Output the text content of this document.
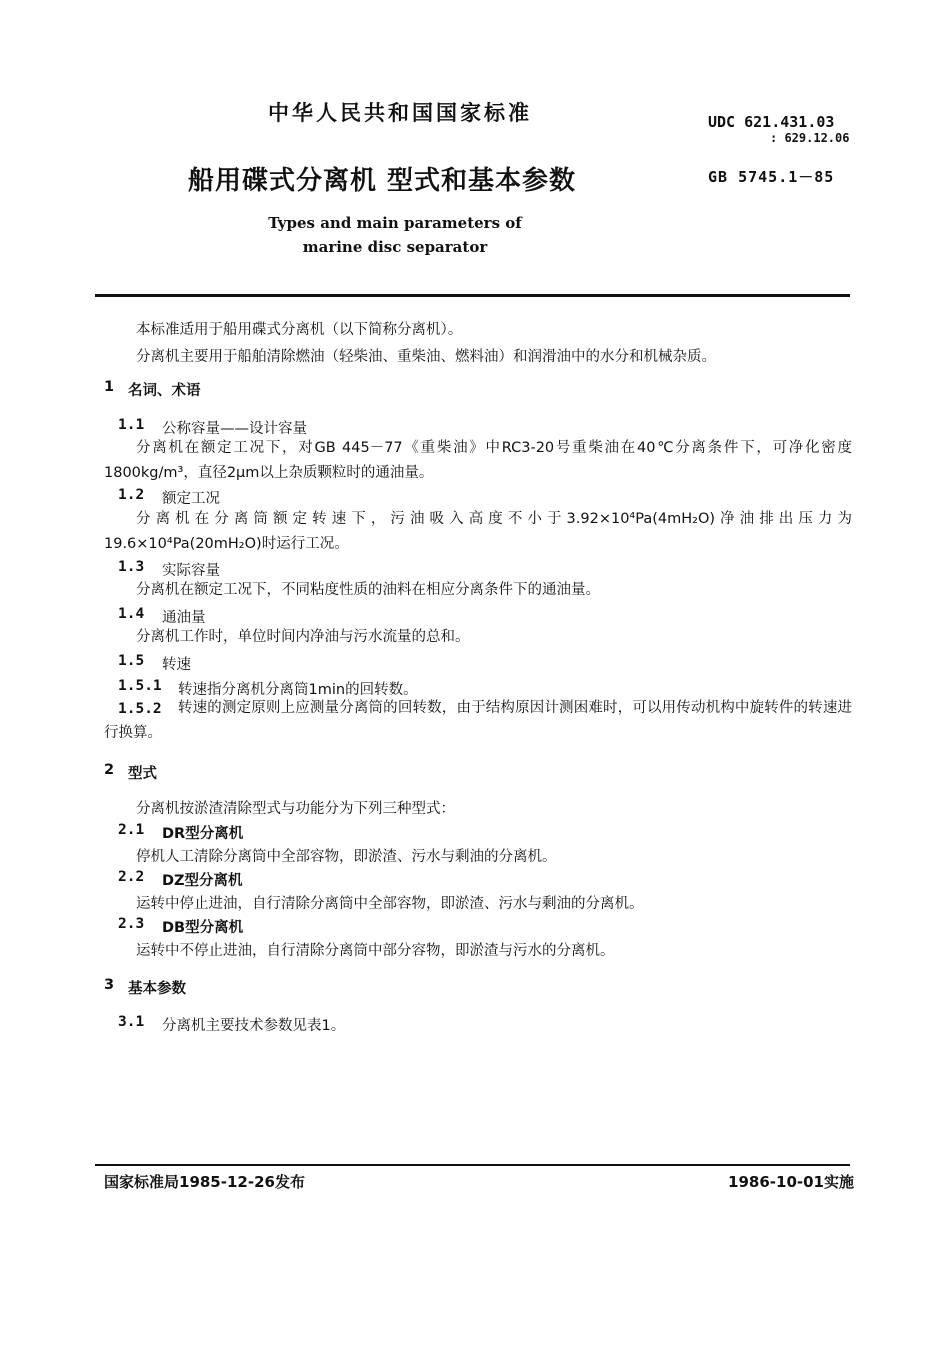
中华人民共和国国家标准	UDC 621.431.03
: 629.12.06
船用碟式分离机 型式和基本参数	GB 5745.1－85
Types and main parameters of marine disc separator
本标准适用于船用碟式分离机（以下简称分离机）。
分离机主要用于船舶清除燃油（轻柴油、重柴油、燃料油）和润滑油中的水分和机械杂质。
1 名词、术语
1.1 公称容量——设计容量
分离机在额定工况下，对GB 445－77《重柴油》中RC3-20号重柴油在40℃分离条件下，可净化密度1800kg/m³，直径2μm以上杂质颗粒时的通油量。
1.2 额定工况
分离机在分离筒额定转速下，污油吸入高度不小于3.92×10⁴Pa(4mH₂O)净油排出压力为19.6×10⁴Pa(20mH₂O)时运行工况。
1.3 实际容量
分离机在额定工况下，不同粘度性质的油料在相应分离条件下的通油量。
1.4 通油量
分离机工作时，单位时间内净油与污水流量的总和。
1.5 转速
1.5.1 转速指分离机分离筒1min的回转数。
1.5.2	转速的测定原则上应测量分离筒的回转数，由于结构原因计测困难时，可以用传动机构中旋转件的转速进行换算。
2 型式
分离机按淤渣清除型式与功能分为下列三种型式：
2.1 DR型分离机
停机人工清除分离筒中全部容物，即淤渣、污水与剩油的分离机。
2.2 DZ型分离机
运转中停止进油，自行清除分离筒中全部容物，即淤渣、污水与剩油的分离机。
2.3 DB型分离机
运转中不停止进油，自行清除分离筒中部分容物，即淤渣与污水的分离机。
3 基本参数
3.1 分离机主要技术参数见表1。
国家标准局1985-12-26发布	1986-10-01实施
